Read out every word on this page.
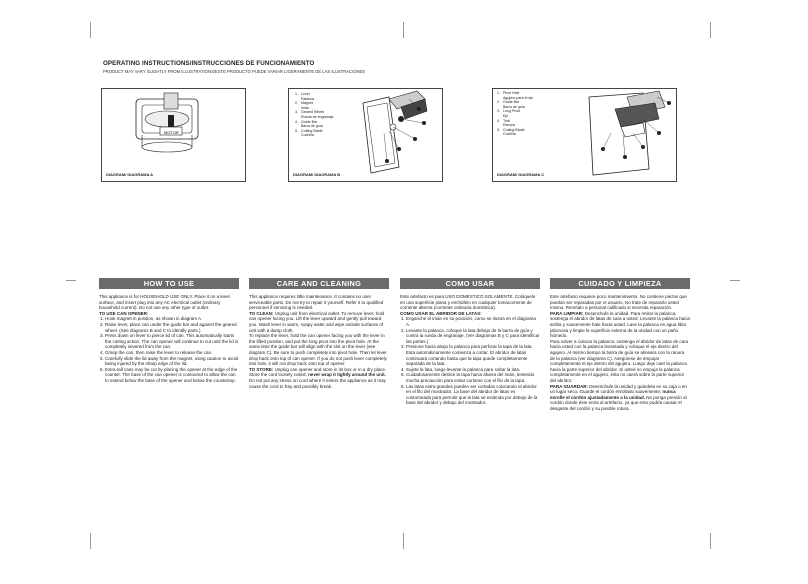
OPERATING INSTRUCTIONS/INSTRUCCIONES DE FUNCIONAMIENTO
PRODUCT MAY VARY SLIGHTLY FROM ILLUSTRATIONS/ESTE PRODUCTO PUEDE VARIAR LIGERAMENTE DE LAS ILUSTRACIONES
MOTOR
DIAGRAM/ DIAGRAMA A
1. Lever
Palanca
2. Magnet
Imán
3. Geared Wheel
Rueda de engranaje
4. Guide Bar
Barra de guía
5. Cutting Blade
Cuchilla
DIAGRAM/ DIAGRAMA B
1. Pivot Hole
Agujero para el eje
2. Guide Bar
Barra de guía
3. Long Pivot
Eje
4. Trial
Ranura
5. Cutting Blade
Cuchilla
DIAGRAM/ DIAGRAMA C
HOW TO USE	CARE AND CLEANING	COMO USAR	CUIDADO Y LIMPIEZA

This appliance is for HOUSEHOLD USE ONLY. Place it on a level surface, and insert plug into any AC electrical outlet (ordinary household current). Do not use any other type of outlet.

TO USE CAN OPENER:

1. Hook magnet in position, as shown in diagram A.
2. Raise lever, place can under the guide bar and against the geared wheel. (See diagrams B and C to identify parts.)
3. Press down on lever to pierce lid of can. This automatically starts the cutting action. The can opener will continue to cut until the lid is completely severed from the can.
4. Grasp the can, then raise the lever to release the can.
5. Carefully slide the lid away from the magnet, using caution to avoid being injured by the sharp edge of the lid.
6. Extra-tall cans may be cut by placing the opener at the edge of the counter. The base of the can opener is contoured to allow the can to extend below the base of the opener and below the countertop.

This appliance requires little maintenance. It contains no user serviceable parts. Do not try to repair it yourself. Refer it to qualified personnel if servicing is needed.

TO CLEAN: Unplug unit from electrical outlet. To remove lever, hold can opener facing you. Lift the lever upward and gently pull toward you. Wash lever in warm, soapy water and wipe outside surfaces of unit with a damp cloth.

To replace the lever, hold the can opener facing you with the lever in the lifted position, and put the long pivot into the pivot hole. At the same time the guide bar will align with the slot on the lever (see diagram C). Be sure to push completely into pivot hole. Then let lever drop back onto top of can opener. If you do not push lever completely into hole, it will not drop back onto top of opener.

TO STORE: Unplug can opener and store in its box or in a dry place. Store the cord loosely coiled; never wrap it tightly around the unit. Do not put any stress on cord where it enters the appliance as it may cause the cord to fray and possibly break.

Este artefacto es para USO DOMÉSTICO SOLAMENTE. Colóquelo en una superficie plana y enchúfelo en cualquier tomacorriente de corriente alterna (corriente ordinaria doméstica).

COMO USAR EL ABRIDOR DE LATAS:

1. Enganche el imán en su posición, como se ilustra en el diagrama A.
2. Levante la palanca, coloque la lata debajo de la barra de guía y contra la rueda de engranaje. (Ver diagramas B y C para identificar las partes.)
3. Presione hacia abajo la palanca para perforar la tapa de la lata. Esta automáticamente comienza a cortar. El abridor de latas continuará cortando hasta que la tapa quede completamente separada de la lata.
4. Sujete la lata, luego levante la palanca para soltar la lata.
5. Cuidadosamente deslice la tapa hacia afuera del imán, teniendo mucha precaución para evitar cortarse con el filo de la tapa.
6. Las latas extra grandes pueden ser cortadas colocando el abridor en el filo del mostrador. La base del abridor de latas es contorneada para permitir que la lata se extienda por debajo de la base del abridor y debajo del mostrador.

Este artefacto requiere poco mantenimiento. No contiene piezas que puedan ser reparadas por el usuario. No trate de repararlo usted mismo. Remítalo a personal calificado si necesita reparación.

PARA LIMPIAR: Desenchufe la unidad. Para retirar la palanca, sostenga el abridor de latas de cara a usted. Levante la palanca hacia arriba y suavemente hale hacia usted. Lave la palanca en agua tibia jabonosa y limpie la superficie externa de la unidad con un paño húmedo.

Para volver a colocar la palanca, sostenga el abridor de latas de cara hacia usted con la palanca levantada y coloque el eje dentro del agujero. Al mismo tiempo la barra de guía se alineara con la ranura de la palanca (ver diagrama C). Asegúrese de empujar completamente el eje dentro del agujero. Luego deje caer la palanca hacia la parte superior del abridor. Si usted no empuja la palanca completamente en el agujero, ésta no caerá sobre la parte superior del abridor.

PARA GUARDAR: Desenchufe la unidad y guárdela en su caja o en un lugar seco. Guarde el cordón enrollado suavemente; nunca enrolle el cordón ajustadamente a la unidad. No ponga presión al cordón donde éste entra al artefacto, ya que esto podría causar el desgaste del cordón y su posible rotura.
